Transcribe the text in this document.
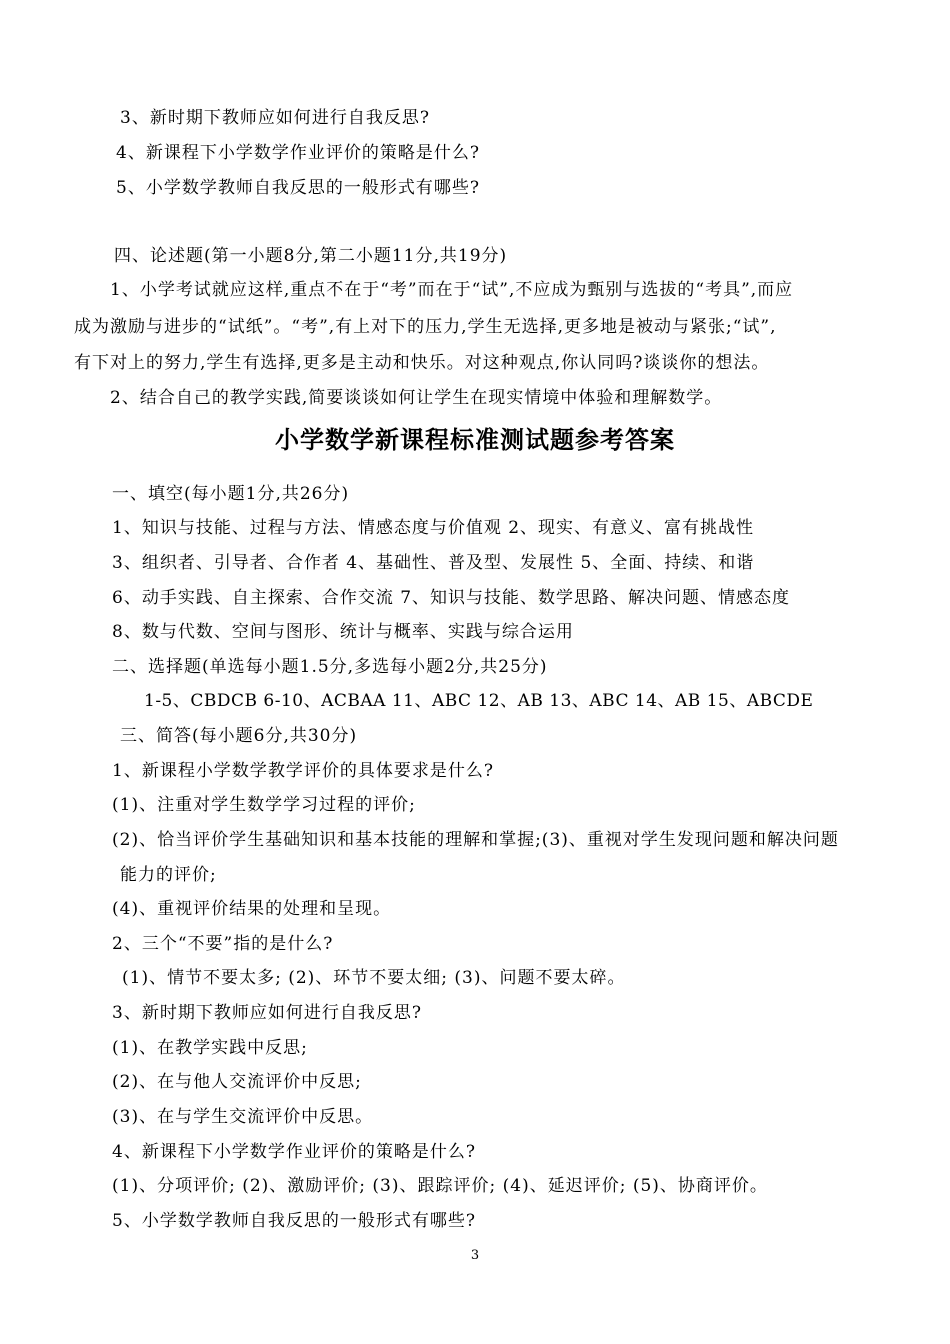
3、新时期下教师应如何进行自我反思?
4、新课程下小学数学作业评价的策略是什么?
5、小学数学教师自我反思的一般形式有哪些?
四、论述题(第一小题8分,第二小题11分,共19分)
1、小学考试就应这样,重点不在于“考”而在于“试”,不应成为甄别与选拔的“考具”,而应
成为激励与进步的“试纸”。“考”,有上对下的压力,学生无选择,更多地是被动与紧张;“试”,
有下对上的努力,学生有选择,更多是主动和快乐。对这种观点,你认同吗?谈谈你的想法。
2、结合自己的教学实践,简要谈谈如何让学生在现实情境中体验和理解数学。
小学数学新课程标准测试题参考答案
一、填空(每小题1分,共26分)
1、知识与技能、过程与方法、情感态度与价值观 2、现实、有意义、富有挑战性
3、组织者、引导者、合作者 4、基础性、普及型、发展性 5、全面、持续、和谐
6、动手实践、自主探索、合作交流 7、知识与技能、数学思路、解决问题、情感态度
8、数与代数、空间与图形、统计与概率、实践与综合运用
二、选择题(单选每小题1.5分,多选每小题2分,共25分)
1-5、CBDCB 6-10、ACBAA 11、ABC 12、AB 13、ABC 14、AB 15、ABCDE
三、简答(每小题6分,共30分)
1、新课程小学数学教学评价的具体要求是什么?
(1)、注重对学生数学学习过程的评价;
(2)、恰当评价学生基础知识和基本技能的理解和掌握;(3)、重视对学生发现问题和解决问题
能力的评价;
(4)、重视评价结果的处理和呈现。
2、三个“不要”指的是什么?
(1)、情节不要太多; (2)、环节不要太细; (3)、问题不要太碎。
3、新时期下教师应如何进行自我反思?
(1)、在教学实践中反思;
(2)、在与他人交流评价中反思;
(3)、在与学生交流评价中反思。
4、新课程下小学数学作业评价的策略是什么?
(1)、分项评价; (2)、激励评价; (3)、跟踪评价; (4)、延迟评价; (5)、协商评价。
5、小学数学教师自我反思的一般形式有哪些?
3
